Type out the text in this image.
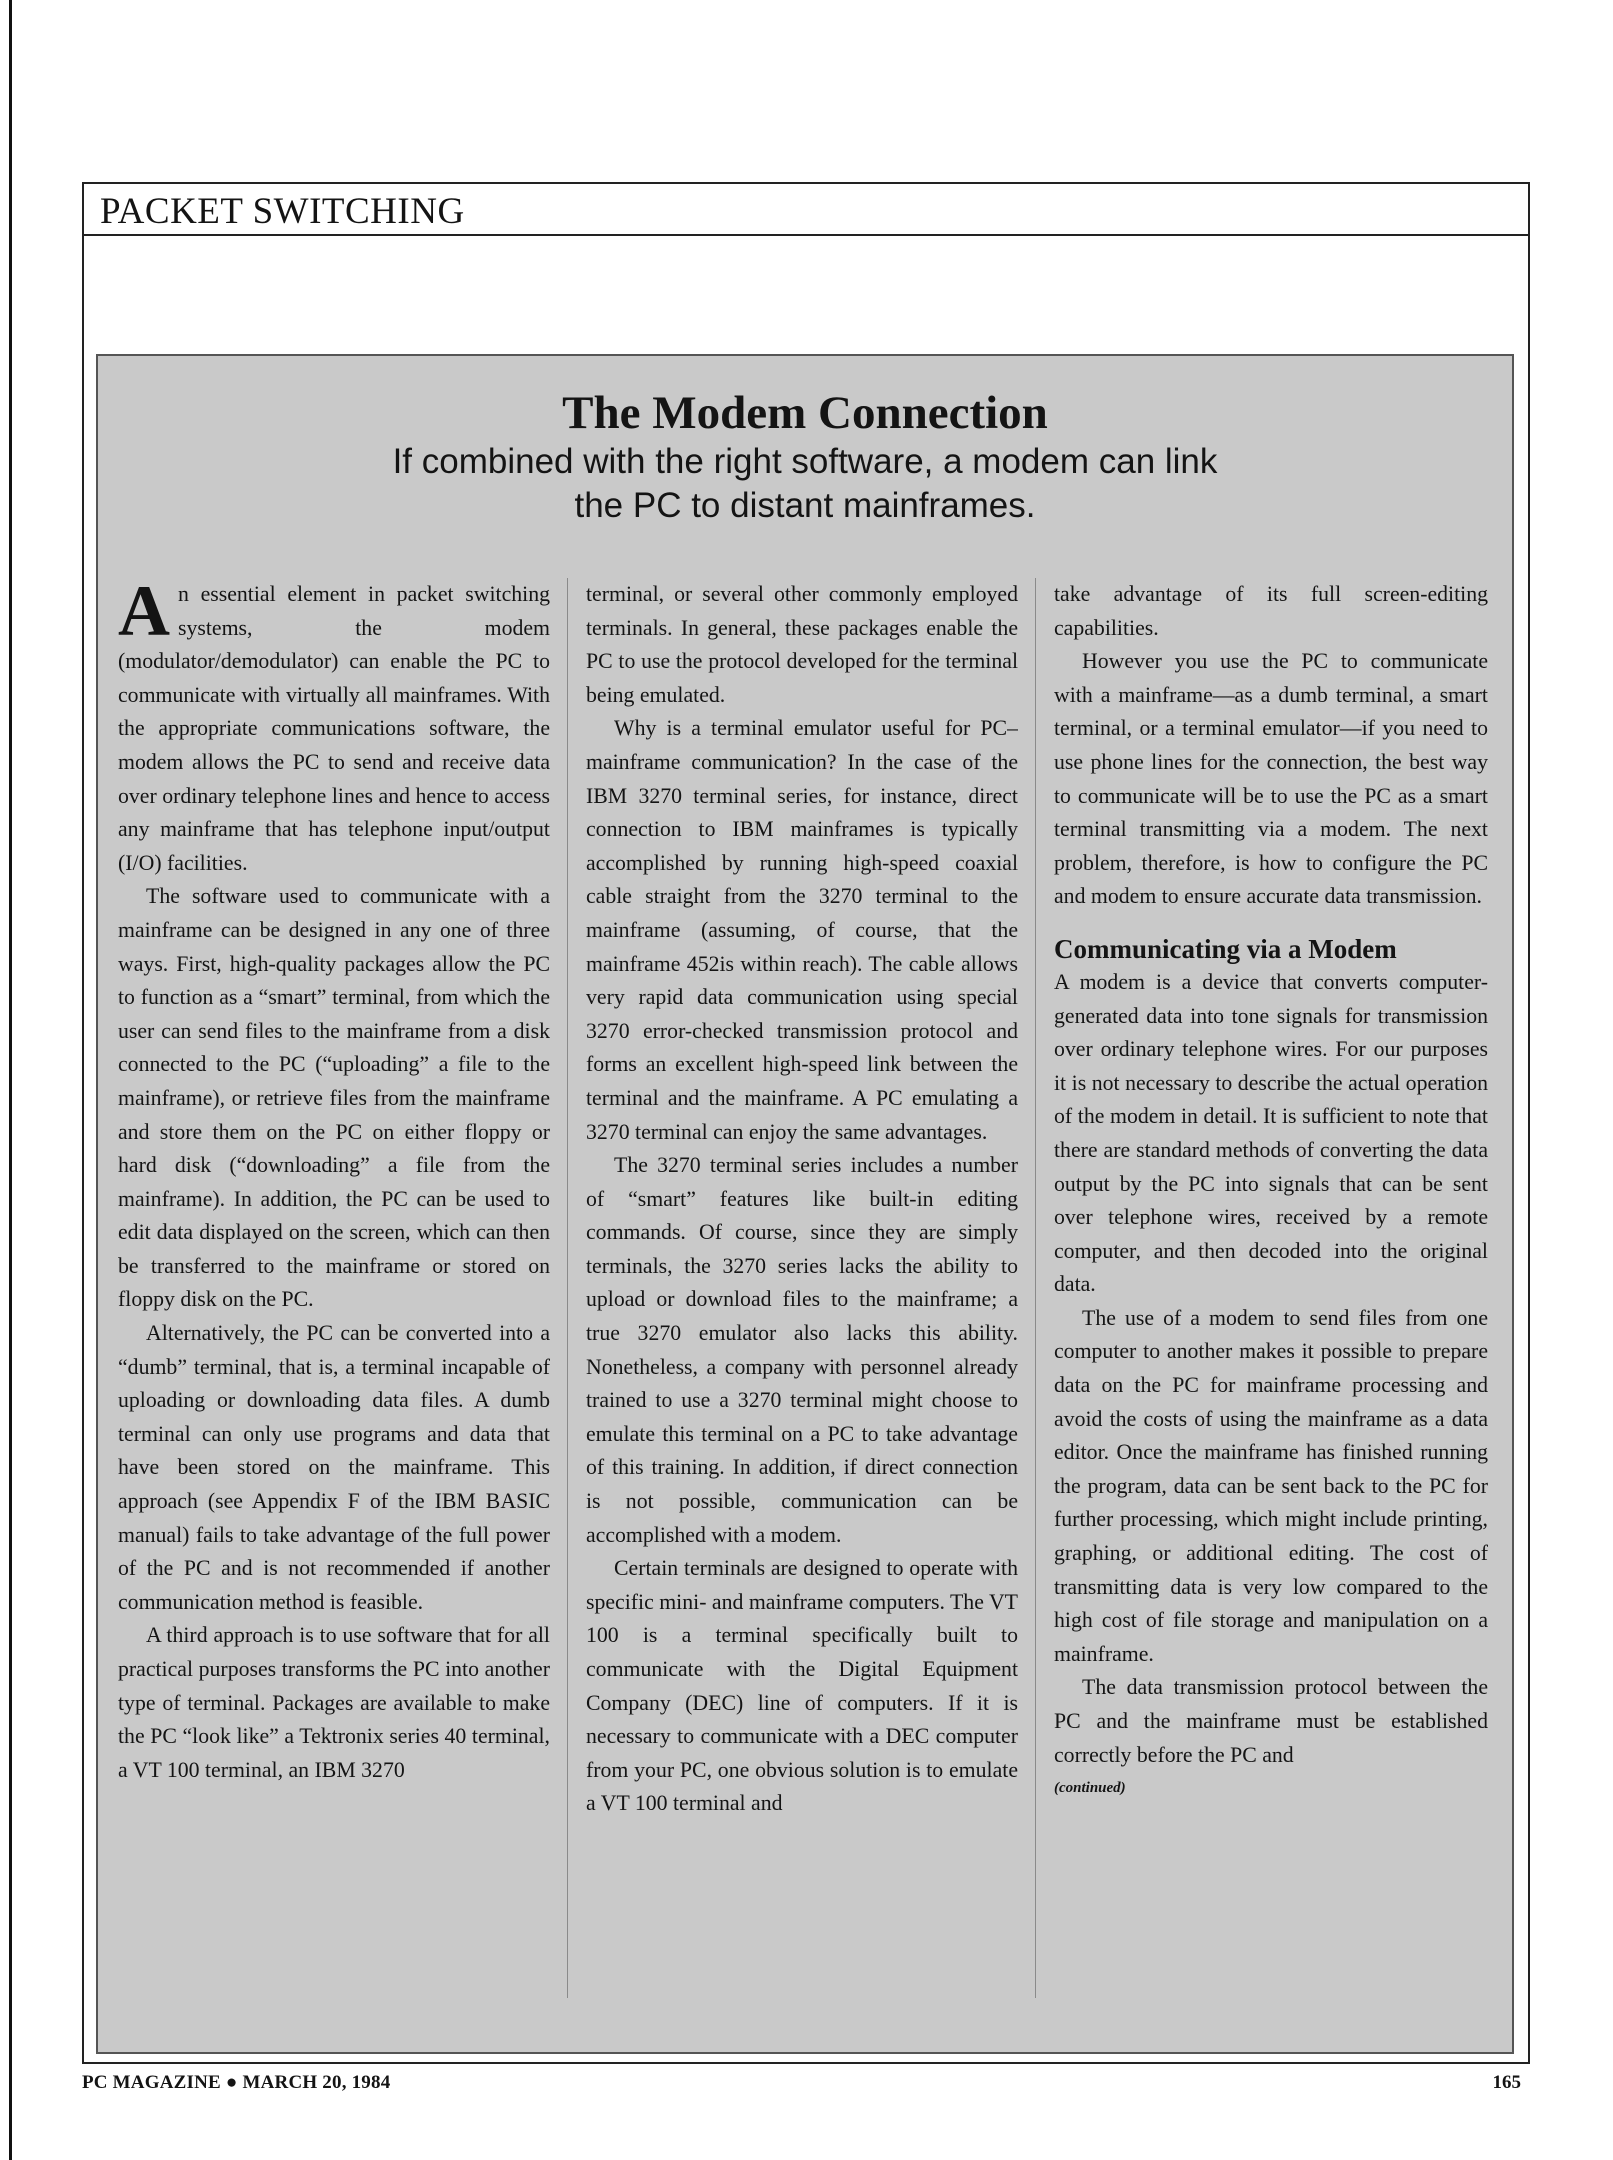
PACKET SWITCHING
The Modem Connection
If combined with the right software, a modem can link
the PC to distant mainframes.

An essential element in packet switching systems, the modem (modulator/demodulator) can enable the PC to communicate with virtually all mainframes. With the appropriate communications software, the modem allows the PC to send and receive data over ordinary telephone lines and hence to access any mainframe that has telephone input/output (I/O) facilities.

The software used to communicate with a mainframe can be designed in any one of three ways. First, high-quality packages allow the PC to function as a “smart” terminal, from which the user can send files to the mainframe from a disk connected to the PC (“uploading” a file to the mainframe), or retrieve files from the mainframe and store them on the PC on either floppy or hard disk (“downloading” a file from the mainframe). In addition, the PC can be used to edit data displayed on the screen, which can then be transferred to the mainframe or stored on floppy disk on the PC.

Alternatively, the PC can be converted into a “dumb” terminal, that is, a terminal incapable of uploading or downloading data files. A dumb terminal can only use programs and data that have been stored on the mainframe. This approach (see Appendix F of the IBM BASIC manual) fails to take advantage of the full power of the PC and is not recommended if another communication method is feasible.

A third approach is to use software that for all practical purposes transforms the PC into another type of terminal. Packages are available to make the PC “look like” a Tektronix series 40 terminal, a VT 100 terminal, an IBM 3270

terminal, or several other commonly employed terminals. In general, these packages enable the PC to use the protocol developed for the terminal being emulated.

Why is a terminal emulator useful for PC–mainframe communication? In the case of the IBM 3270 terminal series, for instance, direct connection to IBM mainframes is typically accomplished by running high-speed coaxial cable straight from the 3270 terminal to the mainframe (assuming, of course, that the mainframe 452is within reach). The cable allows very rapid data communication using special 3270 error-checked transmission protocol and forms an excellent high-speed link between the terminal and the mainframe. A PC emulating a 3270 terminal can enjoy the same advantages.

The 3270 terminal series includes a number of “smart” features like built-in editing commands. Of course, since they are simply terminals, the 3270 series lacks the ability to upload or download files to the mainframe; a true 3270 emulator also lacks this ability. Nonetheless, a company with personnel already trained to use a 3270 terminal might choose to emulate this terminal on a PC to take advantage of this training. In addition, if direct connection is not possible, communication can be accomplished with a modem.

Certain terminals are designed to operate with specific mini- and mainframe computers. The VT 100 is a terminal specifically built to communicate with the Digital Equipment Company (DEC) line of computers. If it is necessary to communicate with a DEC computer from your PC, one obvious solution is to emulate a VT 100 terminal and

take advantage of its full screen-editing capabilities.

However you use the PC to communicate with a mainframe—as a dumb terminal, a smart terminal, or a terminal emulator—if you need to use phone lines for the connection, the best way to communicate will be to use the PC as a smart terminal transmitting via a modem. The next problem, therefore, is how to configure the PC and modem to ensure accurate data transmission.

Communicating via a Modem

A modem is a device that converts computer-generated data into tone signals for transmission over ordinary telephone wires. For our purposes it is not necessary to describe the actual operation of the modem in detail. It is sufficient to note that there are standard methods of converting the data output by the PC into signals that can be sent over telephone wires, received by a remote computer, and then decoded into the original data.

The use of a modem to send files from one computer to another makes it possible to prepare data on the PC for mainframe processing and avoid the costs of using the mainframe as a data editor. Once the mainframe has finished running the program, data can be sent back to the PC for further processing, which might include printing, graphing, or additional editing. The cost of transmitting data is very low compared to the high cost of file storage and manipulation on a mainframe.

The data transmission protocol between the PC and the mainframe must be established correctly before the PC and

(continued)
PC MAGAZINE ● MARCH 20, 1984	165
